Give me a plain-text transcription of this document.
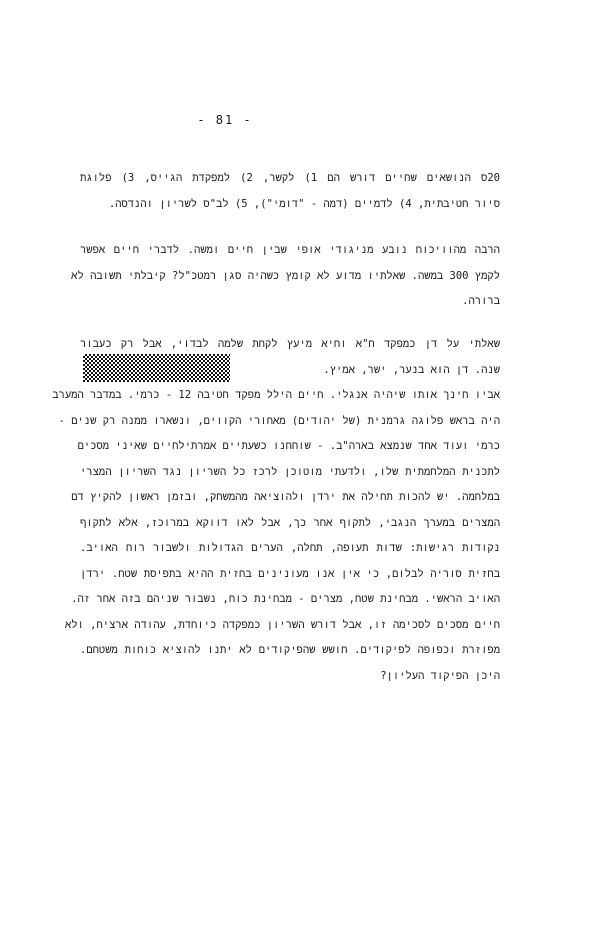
- 81 -
20ס הנושאים שחיים דורש הם 1) לקשר, 2) למפקדת הגייס, 3) פלוגת
סיור חטיבתית, 4) לדמיים (דמה - "דומי"), 5) לב"ס לשריון והנדסה.
הרבה מהוויכוח נובע מניגודי אופי שבין חיים ומשה. לדברי חיים אפשר
לקמץ 300 במשה. שאלתיו מדוע לא קומץ כשהיה סגן רמטכ"ל? קיבלתי תשובה לא
ברורה.
שאלתי על דן כמפקד ח"א וחיא מיעץ לקחת שלמה לבדוי, אבל רק כעבור
שנה. דן הוא בנער, ישר, אמיץ.
אביו חינך אותו שיהיה אנגלי. חיים הילל מפקד חטיבה 12 - כרמי. במדבר המערב
היה בראש פלוגה גרמנית (של יהודים) מאחורי הקווים, ונשארו ממנה רק שנים -
כרמי ועוד אחד שנמצא בארה"ב. - שוחחנו כשעתיים אמרתילחיים שאיני מסכים
לתכנית המלחמתית שלו, ולדעתי מוטוכן לרכז כל השריון נגד השריון המצרי
במלחמה. יש להכות תחילה את ירדן ולהוציאה מהמשחק, ובזמן ראשון להקיץ דם
המצרים במערך הנגבי, לתקוף אחר כך, אבל לאו דווקא במרוכז, אלא לתקוף
נקודות רגישות: שדות תעופה, תחלה, הערים הגדולות ולשבור רוח האויב.
בחזית סוריה לבלום, כי אין אנו מעונינים בחזית ההיא בתפיסת שטח. ירדן
האויב הראשי. מבחינת שטח, מצרים - מבחינת כוח, נשבור שניהם בזה אחר זה.
חיים מסכים לסכימה זו, אבל דורש השריון כמפקדה כיוחדת, עהודה ארציח, ולא
מפוזרת וכפופה לפיקודים. חושש שהפיקודים לא יתנו להוציא כוחות משטחם.
היכן הפיקוד העליון?
